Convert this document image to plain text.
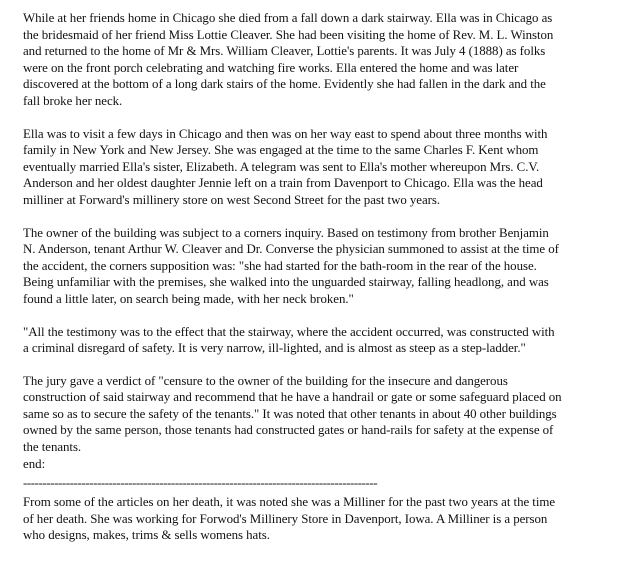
While at her friends home in Chicago she died from a fall down a dark stairway. Ella was in Chicago as
the bridesmaid of her friend Miss Lottie Cleaver. She had been visiting the home of Rev. M. L. Winston
and returned to the home of Mr & Mrs. William Cleaver, Lottie's parents. It was July 4 (1888) as folks
were on the front porch celebrating and watching fire works. Ella entered the home and was later
discovered at the bottom of a long dark stairs of the home. Evidently she had fallen in the dark and the
fall broke her neck.

Ella was to visit a few days in Chicago and then was on her way east to spend about three months with
family in New York and New Jersey. She was engaged at the time to the same Charles F. Kent whom
eventually married Ella's sister, Elizabeth. A telegram was sent to Ella's mother whereupon Mrs. C.V.
Anderson and her oldest daughter Jennie left on a train from Davenport to Chicago. Ella was the head
milliner at Forward's millinery store on west Second Street for the past two years.

The owner of the building was subject to a corners inquiry. Based on testimony from brother Benjamin
N. Anderson, tenant Arthur W. Cleaver and Dr. Converse the physician summoned to assist at the time of
the accident, the corners supposition was: "she had started for the bath-room in the rear of the house.
Being unfamiliar with the premises, she walked into the unguarded stairway, falling headlong, and was
found a little later, on search being made, with her neck broken."

"All the testimony was to the effect that the stairway, where the accident occurred, was constructed with
a criminal disregard of safety. It is very narrow, ill-lighted, and is almost as steep as a step-ladder."

The jury gave a verdict of "censure to the owner of the building for the insecure and dangerous
construction of said stairway and recommend that he have a handrail or gate or some safeguard placed on
same so as to secure the safety of the tenants." It was noted that other tenants in about 40 other buildings
owned by the same person, those tenants had constructed gates or hand-rails for safety at the expense of
the tenants.

end:

-------------------------------------------------------------------------------------------

From some of the articles on her death, it was noted she was a Milliner for the past two years at the time
of her death. She was working for Forwod's Millinery Store in Davenport, Iowa. A Milliner is a person
who designs, makes, trims & sells womens hats.
